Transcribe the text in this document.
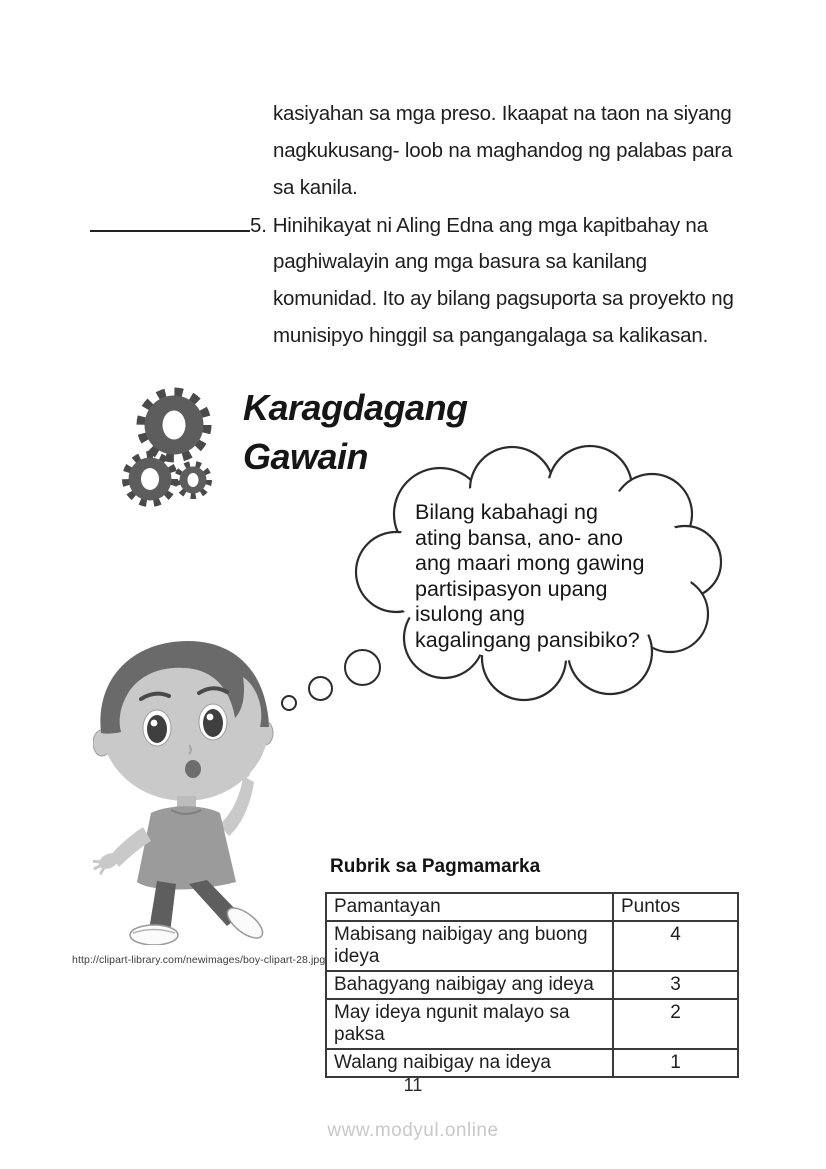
kasiyahan sa mga preso. Ikaapat na taon na siyang
nagkukusang- loob na maghandog ng palabas para
sa kanila.
5. Hinihikayat ni Aling Edna ang mga kapitbahay na
paghiwalayin ang mga basura sa kanilang
komunidad. Ito ay bilang pagsuporta sa proyekto ng
munisipyo hinggil sa pangangalaga sa kalikasan.
Karagdagang
Gawain
Bilang kabahagi ng
ating bansa, ano- ano
ang maari mong gawing
partisipasyon upang
isulong ang
kagalingang pansibiko?
http://clipart-library.com/newimages/boy-clipart-28.jpg
Rubrik sa Pagmamarka
Pamantayan	Puntos
Mabisang naibigay ang buong ideya	4
Bahagyang naibigay ang ideya	3
May ideya ngunit malayo sa paksa	2
Walang naibigay na ideya	1
11
www.modyul.online
